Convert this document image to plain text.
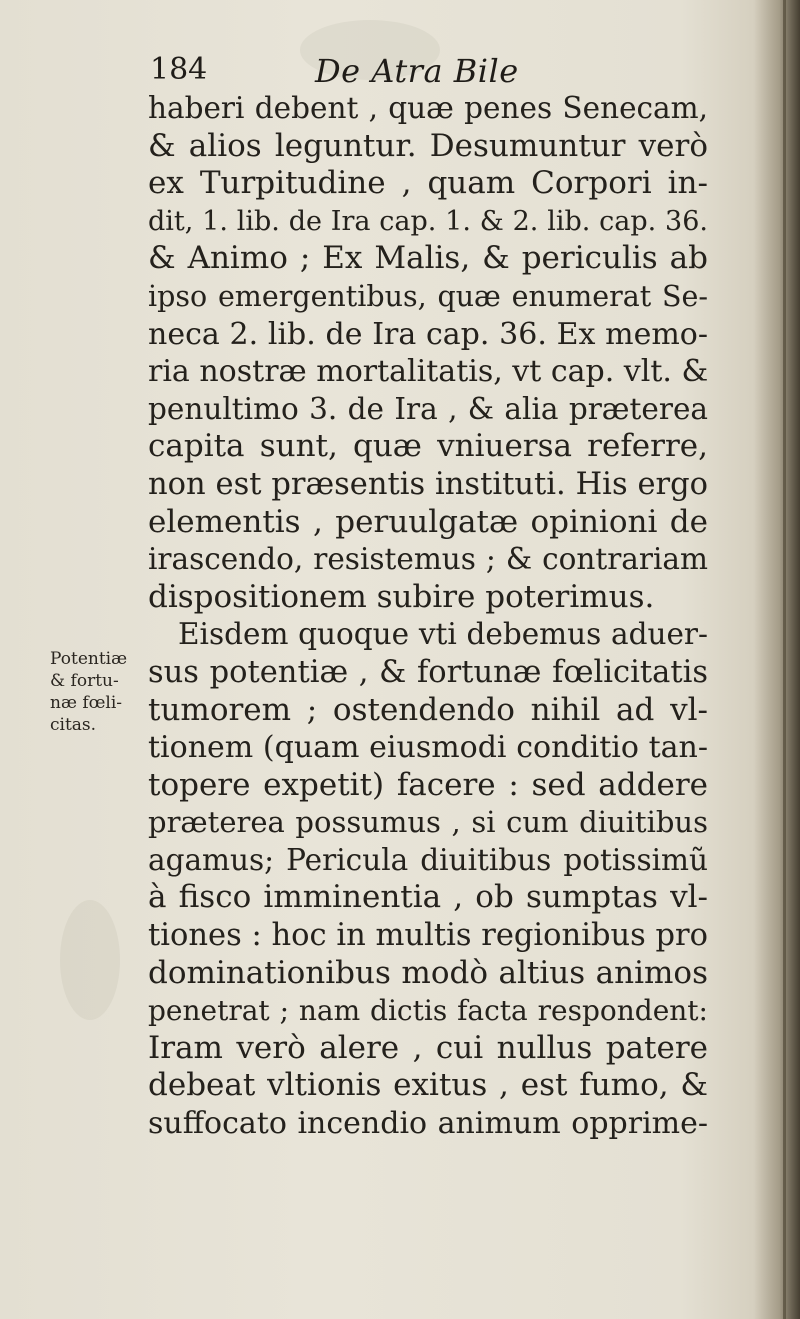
184	De Atra Bile
Potentiæ
& fortu-
næ fœli-
citas.
haberi debent , quæ penes Senecam,
& alios leguntur. Desumuntur verò
ex Turpitudine , quam Corpori in-
dit, 1. lib. de Ira cap. 1. & 2. lib. cap. 36.
& Animo ; Ex Malis, & periculis ab
ipso emergentibus, quæ enumerat Se-
neca 2. lib. de Ira cap. 36. Ex memo-
ria nostræ mortalitatis, vt cap. vlt. &
penultimo 3. de Ira , & alia præterea
capita sunt, quæ vniuersa referre,
non est præsentis instituti. His ergo
elementis , peruulgatæ opinioni de
irascendo, resistemus ; & contrariam
dispositionem subire poterimus.
Eisdem quoque vti debemus aduer-
sus potentiæ , & fortunæ fœlicitatis
tumorem ; ostendendo nihil ad vl-
tionem (quam eiusmodi conditio tan-
topere expetit) facere : sed addere
præterea possumus , si cum diuitibus
agamus; Pericula diuitibus potissimũ
à fisco imminentia , ob sumptas vl-
tiones : hoc in multis regionibus pro
dominationibus modò altius animos
penetrat ; nam dictis facta respondent:
Iram verò alere , cui nullus patere
debeat vltionis exitus , est fumo, &
suffocato incendio animum opprime-
